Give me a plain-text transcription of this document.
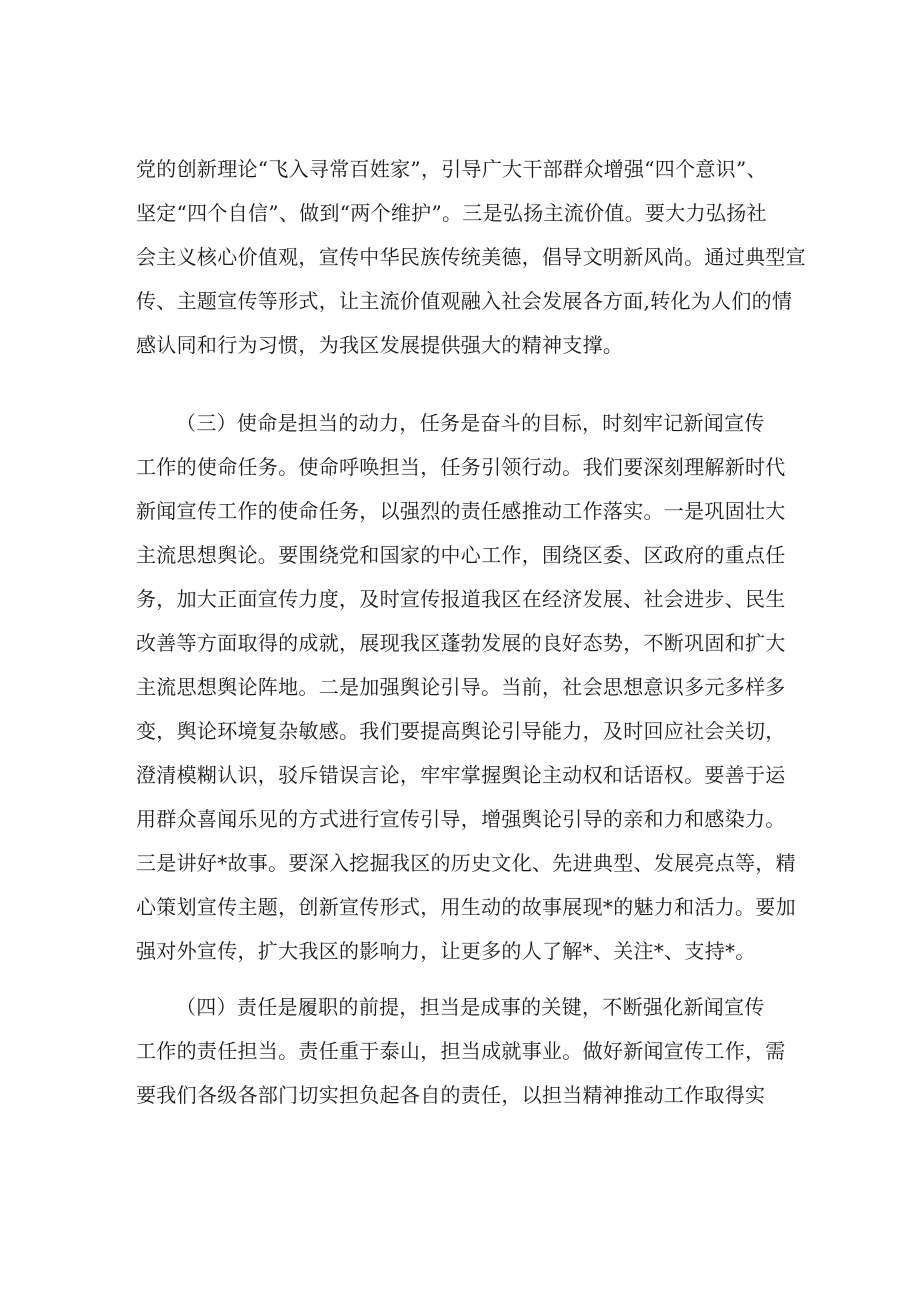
党的创新理论“飞入寻常百姓家”，引导广大干部群众增强“四个意识”、
坚定“四个自信”、做到“两个维护”。三是弘扬主流价值。要大力弘扬社
会主义核心价值观，宣传中华民族传统美德，倡导文明新风尚。通过典型宣
传、主题宣传等形式，让主流价值观融入社会发展各方面,转化为人们的情
感认同和行为习惯，为我区发展提供强大的精神支撑。
（三）使命是担当的动力，任务是奋斗的目标，时刻牢记新闻宣传
工作的使命任务。使命呼唤担当，任务引领行动。我们要深刻理解新时代
新闻宣传工作的使命任务，以强烈的责任感推动工作落实。一是巩固壮大
主流思想舆论。要围绕党和国家的中心工作，围绕区委、区政府的重点任
务，加大正面宣传力度，及时宣传报道我区在经济发展、社会进步、民生
改善等方面取得的成就，展现我区蓬勃发展的良好态势，不断巩固和扩大
主流思想舆论阵地。二是加强舆论引导。当前，社会思想意识多元多样多
变，舆论环境复杂敏感。我们要提高舆论引导能力，及时回应社会关切，
澄清模糊认识，驳斥错误言论，牢牢掌握舆论主动权和话语权。要善于运
用群众喜闻乐见的方式进行宣传引导，增强舆论引导的亲和力和感染力。
三是讲好*故事。要深入挖掘我区的历史文化、先进典型、发展亮点等，精
心策划宣传主题，创新宣传形式，用生动的故事展现*的魅力和活力。要加
强对外宣传，扩大我区的影响力，让更多的人了解*、关注*、支持*。
（四）责任是履职的前提，担当是成事的关键，不断强化新闻宣传
工作的责任担当。责任重于泰山，担当成就事业。做好新闻宣传工作，需
要我们各级各部门切实担负起各自的责任，以担当精神推动工作取得实
